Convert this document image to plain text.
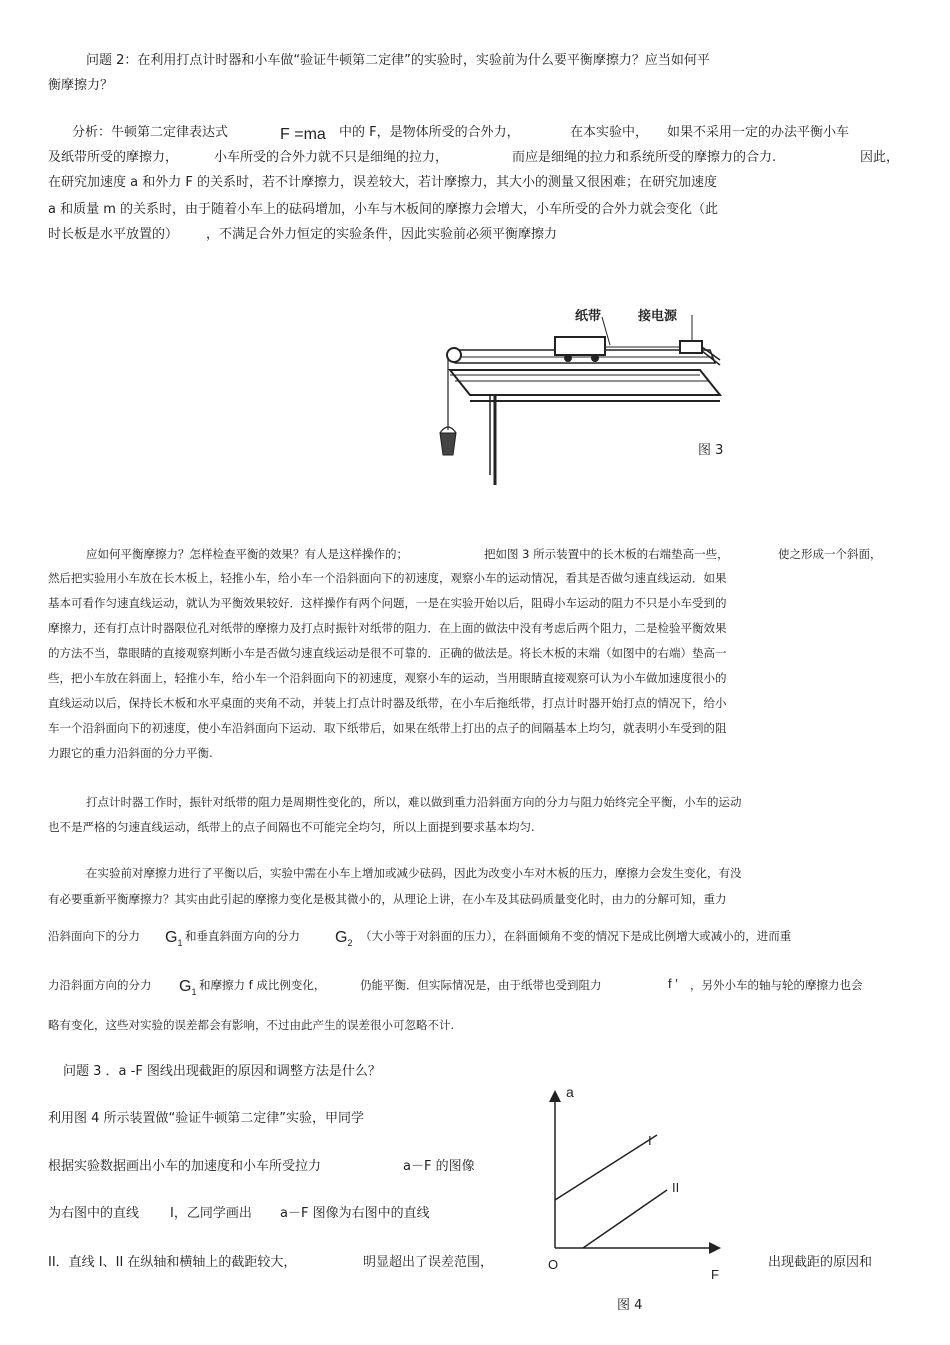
问题 2：在利用打点计时器和小车做“验证牛顿第二定律”的实验时，实验前为什么要平衡摩擦力？应当如何平
衡摩擦力？
分析：牛顿第二定律表达式	F =ma 中的 F，是物体所受的合外力，	在本实验中， 如果不采用一定的办法平衡小车
及纸带所受的摩擦力，	小车所受的合外力就不只是细绳的拉力，	而应是细绳的拉力和系统所受的摩擦力的合力.	因此，
在研究加速度 a 和外力 F 的关系时，若不计摩擦力，误差较大，若计摩擦力，其大小的测量又很困难；在研究加速度
a 和质量 m 的关系时，由于随着小车上的砝码增加，小车与木板间的摩擦力会增大，小车所受的合外力就会变化（此
时长板是水平放置的） ，不满足合外力恒定的实验条件，因此实验前必须平衡摩擦力
纸带	接电源
图 3
应如何平衡摩擦力？怎样检查平衡的效果？有人是这样操作的；	把如图 3 所示装置中的长木板的右端垫高一些，	使之形成一个斜面，
然后把实验用小车放在长木板上，轻推小车，给小车一个沿斜面向下的初速度，观察小车的运动情况，看其是否做匀速直线运动．如果
基本可看作匀速直线运动，就认为平衡效果较好．这样操作有两个问题，一是在实验开始以后，阻碍小车运动的阻力不只是小车受到的
摩擦力，还有打点计时器限位孔对纸带的摩擦力及打点时振针对纸带的阻力．在上面的做法中没有考虑后两个阻力，二是检验平衡效果
的方法不当，靠眼睛的直接观察判断小车是否做匀速直线运动是很不可靠的．正确的做法是。将长木板的末端（如图中的右端）垫高一
些，把小车放在斜面上，轻推小车，给小车一个沿斜面向下的初速度，观察小车的运动，当用眼睛直接观察可认为小车做加速度很小的
直线运动以后，保持长木板和水平桌面的夹角不动，并装上打点计时器及纸带，在小车后拖纸带，打点计时器开始打点的情况下，给小
车一个沿斜面向下的初速度，使小车沿斜面向下运动．取下纸带后，如果在纸带上打出的点子的间隔基本上均匀，就表明小车受到的阻
力跟它的重力沿斜面的分力平衡.
打点计时器工作时，振针对纸带的阻力是周期性变化的，所以，难以做到重力沿斜面方向的分力与阻力始终完全平衡，小车的运动
也不是严格的匀速直线运动，纸带上的点子间隔也不可能完全均匀，所以上面提到要求基本均匀.
在实验前对摩擦力进行了平衡以后，实验中需在小车上增加或减少砝码，因此为改变小车对木板的压力，摩擦力会发生变化，有没
有必要重新平衡摩擦力？其实由此引起的摩擦力变化是极其微小的，从理论上讲，在小车及其砝码质量变化时，由力的分解可知，重力
沿斜面向下的分力 $G_1$
和垂直斜面方向的分力 $G_2$
（大小等于对斜面的压力），在斜面倾角不变的情况下是成比例增大或减小的，进而重
力沿斜面方向的分力 $G_1$
和摩擦力 f 成比例变化，	仍能平衡．但实际情况是，由于纸带也受到阻力	f ′ ，另外小车的轴与轮的摩擦力也会
略有变化，这些对实验的误差都会有影响，不过由此产生的误差很小可忽略不计.
问题 3 ．a -F 图线出现截距的原因和调整方法是什么？
利用图 4 所示装置做“验证牛顿第二定律”实验，甲同学
根据实验数据画出小车的加速度和小车所受拉力	a－F 的图像
为右图中的直线 I，乙同学画出 a－F 图像为右图中的直线
II．直线 I、II 在纵轴和横轴上的截距较大，	明显超出了误差范围，	出现截距的原因和
a
F
O
I
II
图 4
